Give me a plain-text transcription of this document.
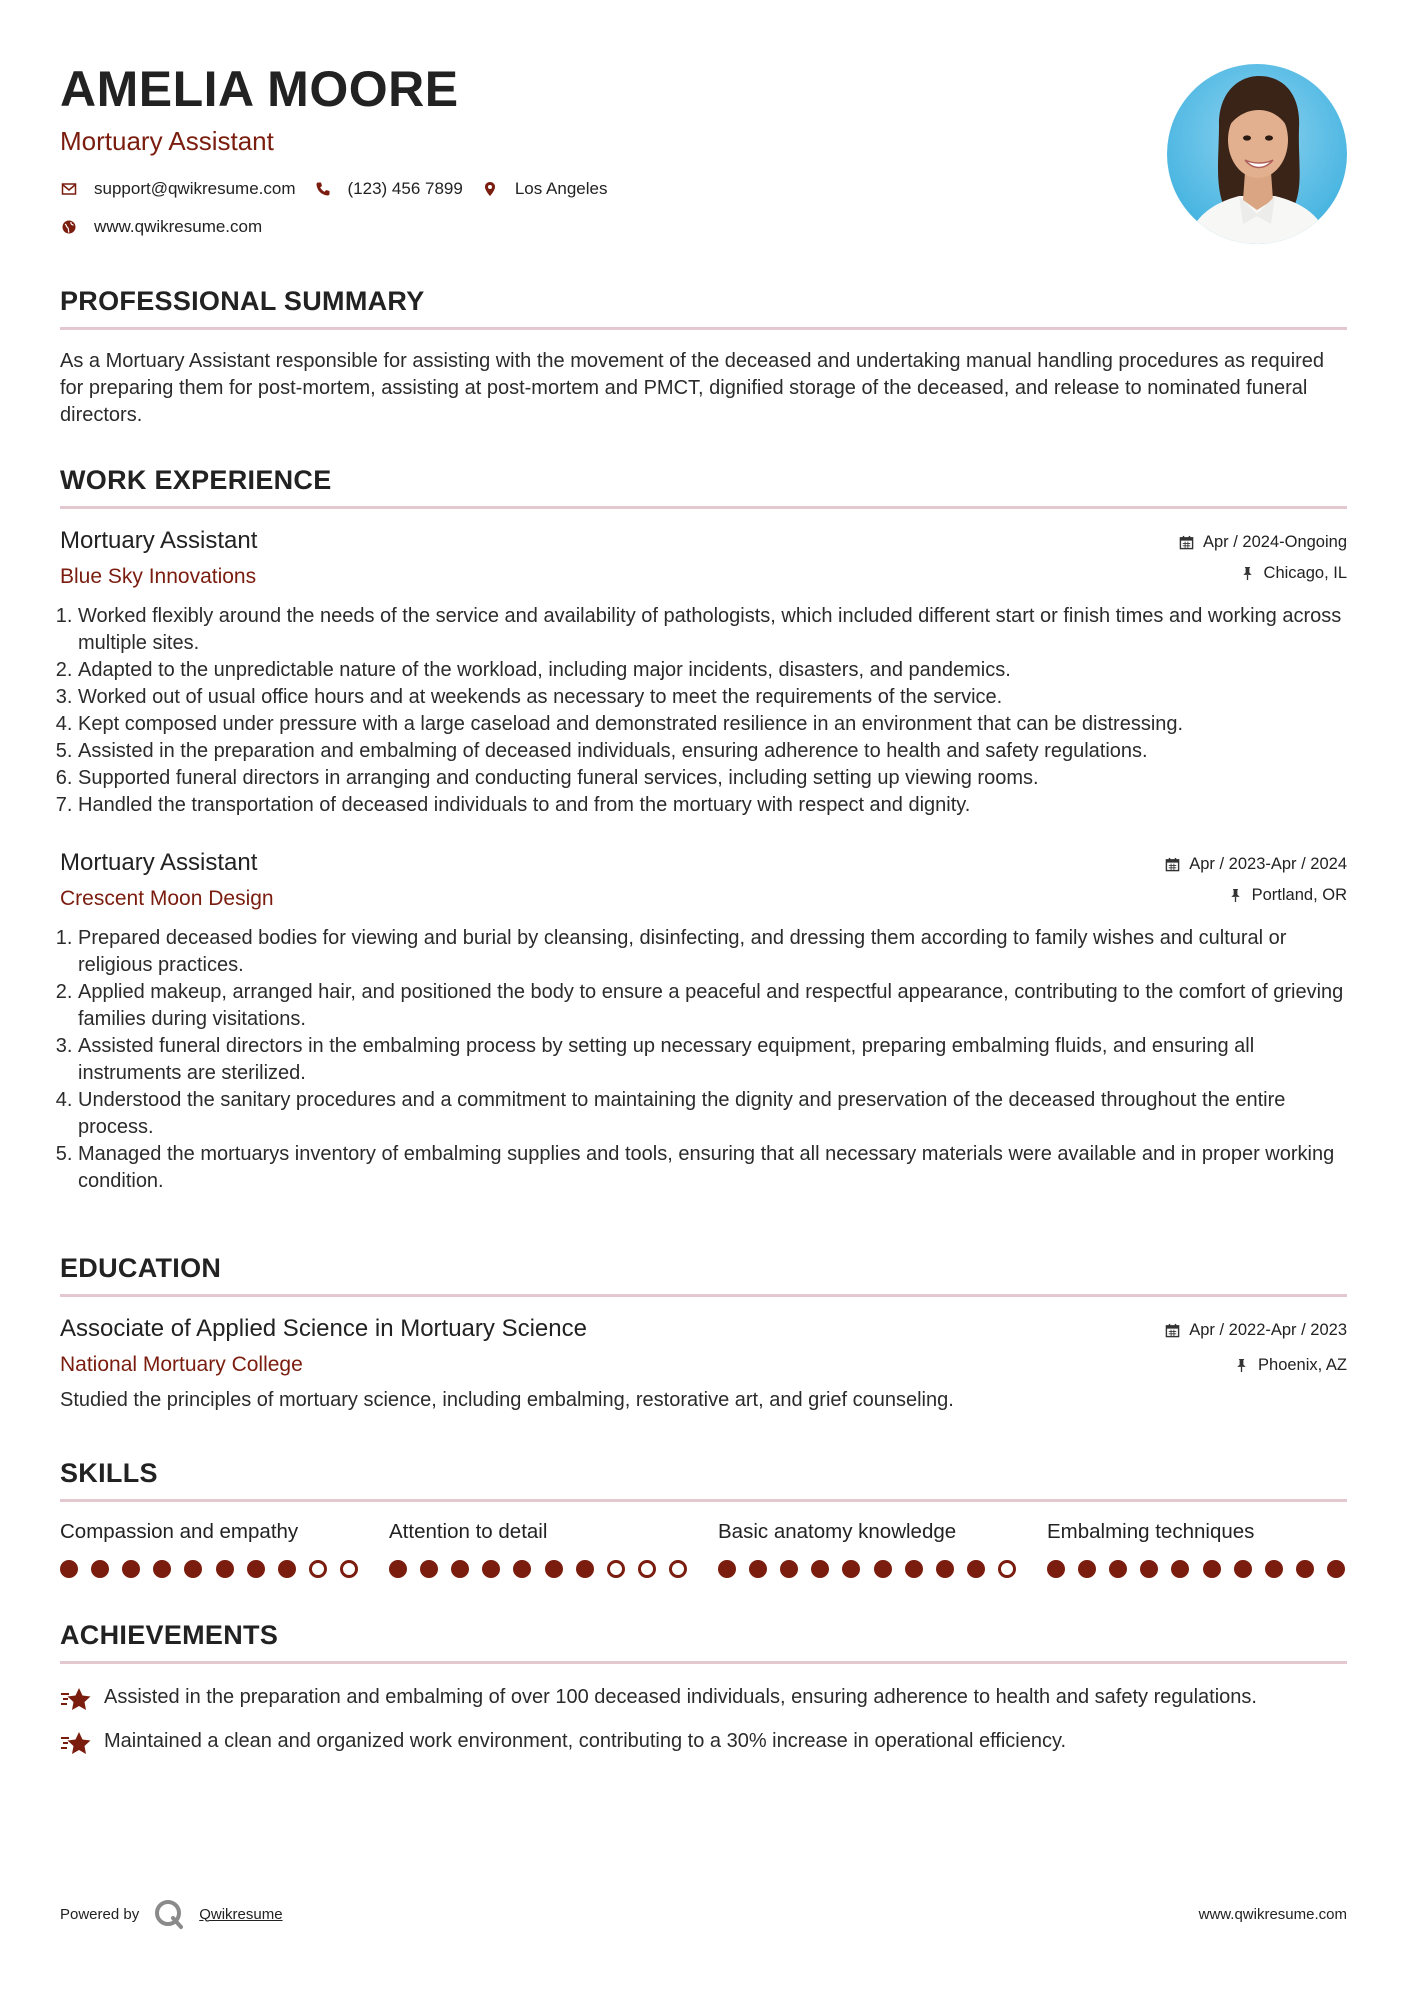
AMELIA MOORE
Mortuary Assistant
support@qwikresume.com	(123) 456 7899	Los Angeles
www.qwikresume.com
PROFESSIONAL SUMMARY
As a Mortuary Assistant responsible for assisting with the movement of the deceased and undertaking manual handling procedures as required for preparing them for post-mortem, assisting at post-mortem and PMCT, dignified storage of the deceased, and release to nominated funeral directors.
WORK EXPERIENCE
Mortuary Assistant
Blue Sky Innovations
Apr / 2024-Ongoing
Chicago, IL
1. Worked flexibly around the needs of the service and availability of pathologists, which included different start or finish times and working across multiple sites.
2. Adapted to the unpredictable nature of the workload, including major incidents, disasters, and pandemics.
3. Worked out of usual office hours and at weekends as necessary to meet the requirements of the service.
4. Kept composed under pressure with a large caseload and demonstrated resilience in an environment that can be distressing.
5. Assisted in the preparation and embalming of deceased individuals, ensuring adherence to health and safety regulations.
6. Supported funeral directors in arranging and conducting funeral services, including setting up viewing rooms.
7. Handled the transportation of deceased individuals to and from the mortuary with respect and dignity.
Mortuary Assistant
Crescent Moon Design
Apr / 2023-Apr / 2024
Portland, OR
1. Prepared deceased bodies for viewing and burial by cleansing, disinfecting, and dressing them according to family wishes and cultural or religious practices.
2. Applied makeup, arranged hair, and positioned the body to ensure a peaceful and respectful appearance, contributing to the comfort of grieving families during visitations.
3. Assisted funeral directors in the embalming process by setting up necessary equipment, preparing embalming fluids, and ensuring all instruments are sterilized.
4. Understood the sanitary procedures and a commitment to maintaining the dignity and preservation of the deceased throughout the entire process.
5. Managed the mortuarys inventory of embalming supplies and tools, ensuring that all necessary materials were available and in proper working condition.
EDUCATION
Associate of Applied Science in Mortuary Science
National Mortuary College
Apr / 2022-Apr / 2023
Phoenix, AZ
Studied the principles of mortuary science, including embalming, restorative art, and grief counseling.
SKILLS
Compassion and empathy	Attention to detail	Basic anatomy knowledge	Embalming techniques
ACHIEVEMENTS
Assisted in the preparation and embalming of over 100 deceased individuals, ensuring adherence to health and safety regulations.
Maintained a clean and organized work environment, contributing to a 30% increase in operational efficiency.
Powered by	Qwikresume	www.qwikresume.com
